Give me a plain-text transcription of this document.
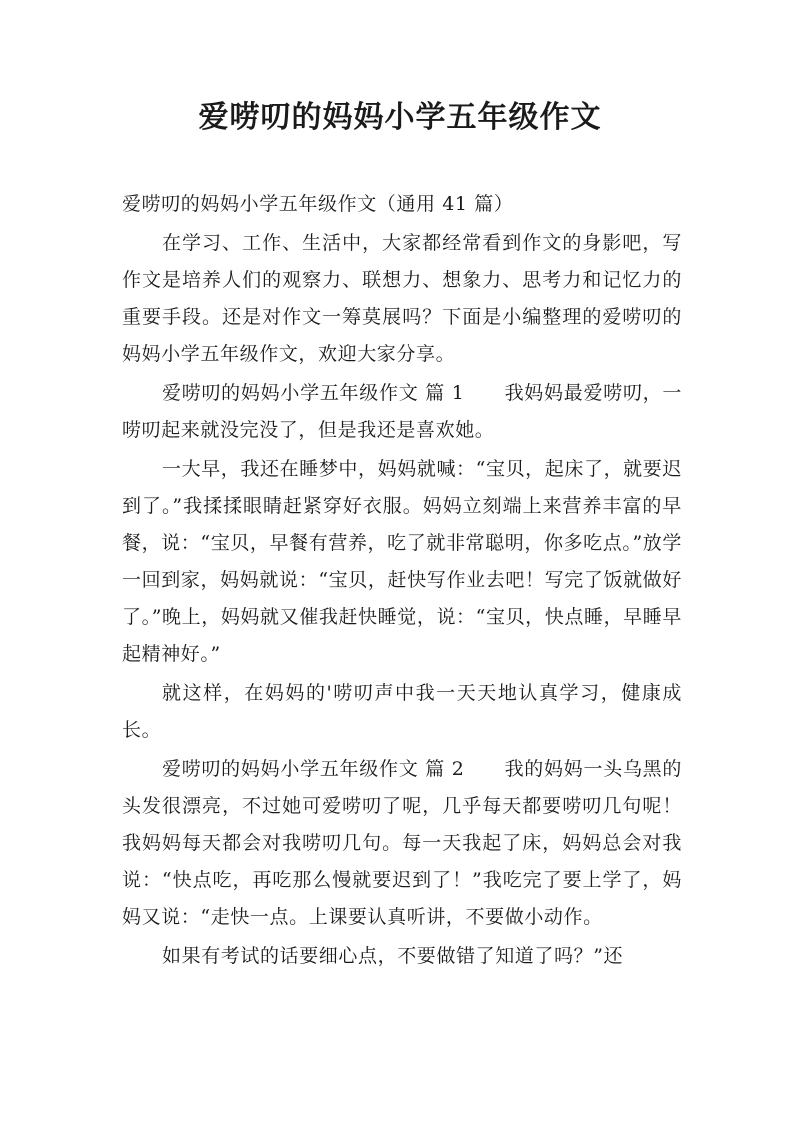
爱唠叨的妈妈小学五年级作文

爱唠叨的妈妈小学五年级作文（通用 41 篇）

在学习、工作、生活中，大家都经常看到作文的身影吧，写作文是培养人们的观察力、联想力、想象力、思考力和记忆力的重要手段。还是对作文一筹莫展吗？下面是小编整理的爱唠叨的妈妈小学五年级作文，欢迎大家分享。

爱唠叨的妈妈小学五年级作文 篇 1 我妈妈最爱唠叨，一唠叨起来就没完没了，但是我还是喜欢她。

一大早，我还在睡梦中，妈妈就喊：“宝贝，起床了，就要迟到了。”我揉揉眼睛赶紧穿好衣服。妈妈立刻端上来营养丰富的早餐，说：“宝贝，早餐有营养，吃了就非常聪明，你多吃点。”放学一回到家，妈妈就说：“宝贝，赶快写作业去吧！写完了饭就做好了。”晚上，妈妈就又催我赶快睡觉，说：“宝贝，快点睡，早睡早起精神好。”

就这样，在妈妈的'唠叨声中我一天天地认真学习，健康成长。

爱唠叨的妈妈小学五年级作文 篇 2 我的妈妈一头乌黑的头发很漂亮，不过她可爱唠叨了呢，几乎每天都要唠叨几句呢！我妈妈每天都会对我唠叨几句。每一天我起了床，妈妈总会对我说：“快点吃，再吃那么慢就要迟到了！”我吃完了要上学了，妈妈又说：“走快一点。上课要认真听讲，不要做小动作。

如果有考试的话要细心点，不要做错了知道了吗？”还
